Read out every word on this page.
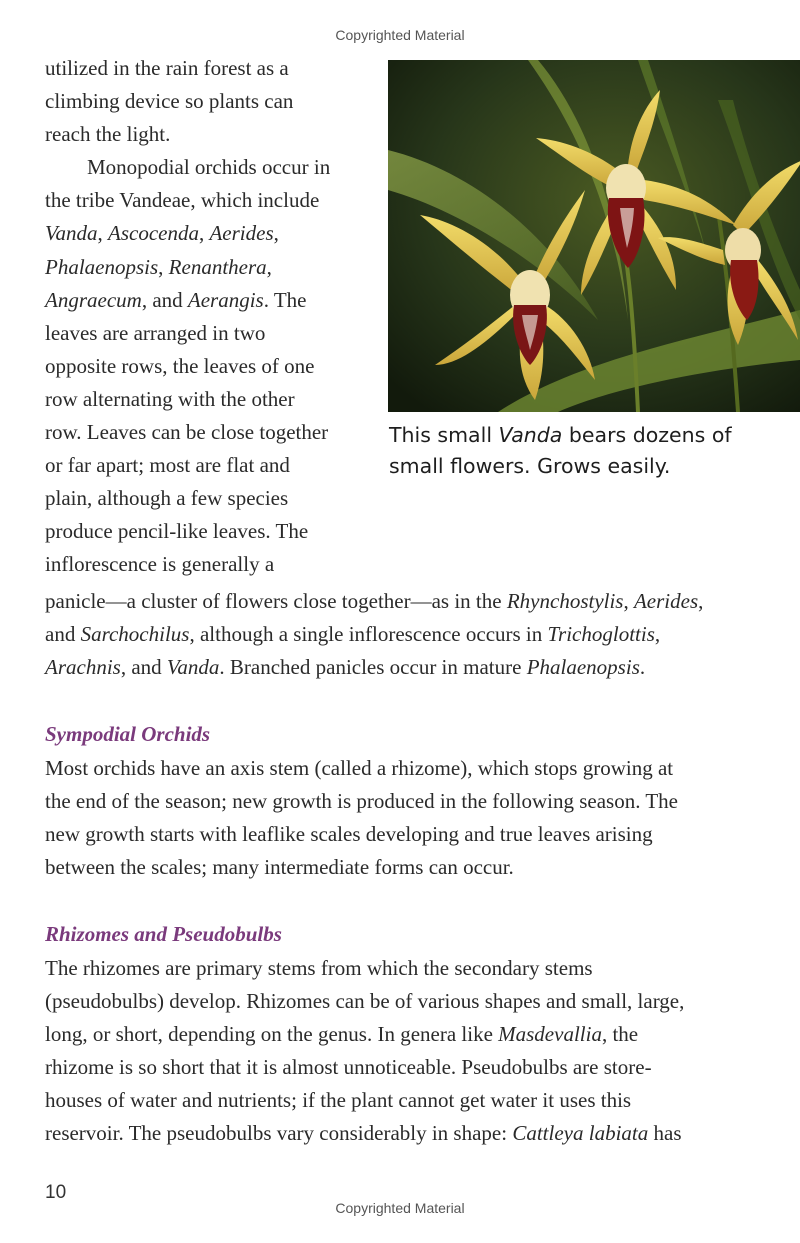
Copyrighted Material

This small Vanda bears dozens of
small flowers. Grows easily.

utilized in the rain forest as a
climbing device so plants can
reach the light.
Monopodial orchids occur in
the tribe Vandeae, which include
Vanda, Ascocenda, Aerides,
Phalaenopsis, Renanthera,
Angraecum, and Aerangis. The
leaves are arranged in two
opposite rows, the leaves of one
row alternating with the other
row. Leaves can be close together
or far apart; most are flat and
plain, although a few species
produce pencil-like leaves. The
inflorescence is generally a
panicle—a cluster of flowers close together—as in the Rhynchostylis, Aerides,
and Sarchochilus, although a single inflorescence occurs in Trichoglottis,
Arachnis, and Vanda. Branched panicles occur in mature Phalaenopsis.
Sympodial Orchids
Most orchids have an axis stem (called a rhizome), which stops growing at
the end of the season; new growth is produced in the following season. The
new growth starts with leaflike scales developing and true leaves arising
between the scales; many intermediate forms can occur.
Rhizomes and Pseudobulbs
The rhizomes are primary stems from which the secondary stems
(pseudobulbs) develop. Rhizomes can be of various shapes and small, large,
long, or short, depending on the genus. In genera like Masdevallia, the
rhizome is so short that it is almost unnoticeable. Pseudobulbs are store-
houses of water and nutrients; if the plant cannot get water it uses this
reservoir. The pseudobulbs vary considerably in shape: Cattleya labiata has

10

Copyrighted Material
